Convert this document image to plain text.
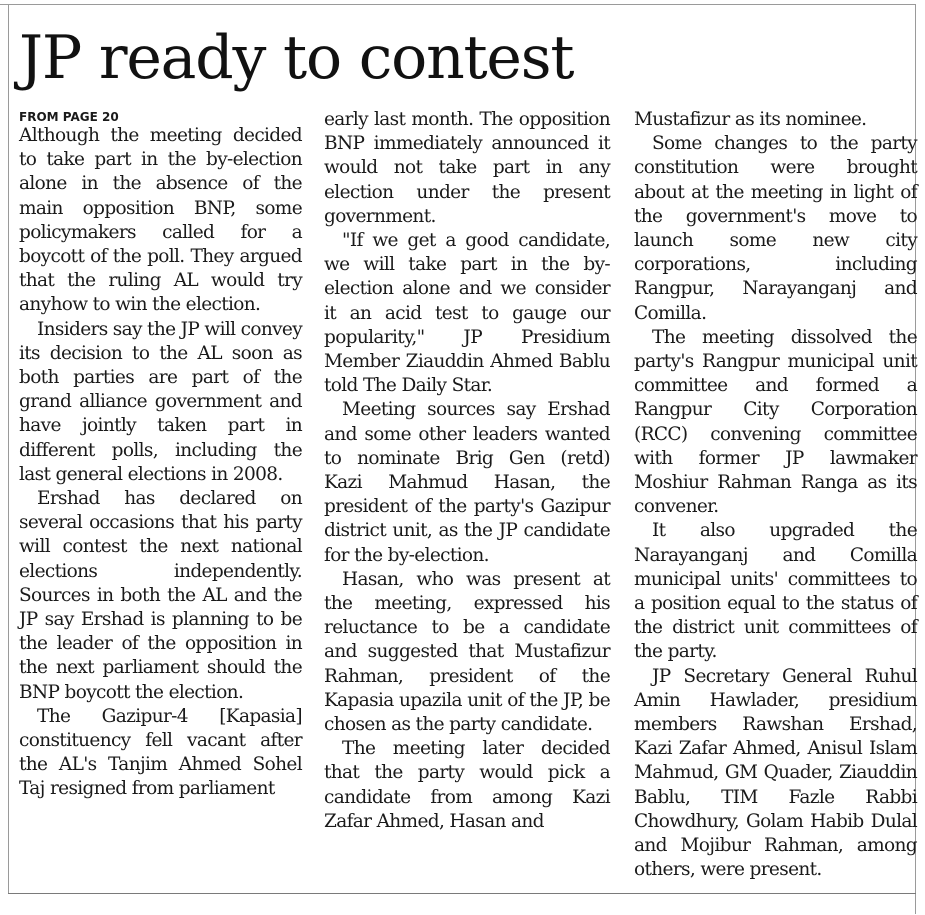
JP ready to contest
FROM PAGE 20

Although the meeting decided to take part in the by-election alone in the absence of the main opposition BNP, some policymakers called for a boycott of the poll. They argued that the ruling AL would try anyhow to win the election.

Insiders say the JP will convey its decision to the AL soon as both parties are part of the grand alliance government and have jointly taken part in different polls, including the last general elections in 2008.

Ershad has declared on several occasions that his party will contest the next national elections independently. Sources in both the AL and the JP say Ershad is planning to be the leader of the opposition in the next parliament should the BNP boycott the election.

The Gazipur-4 [Kapasia] constituency fell vacant after the AL's Tanjim Ahmed Sohel Taj resigned from parliament

early last month. The opposition BNP immediately announced it would not take part in any election under the present government.

"If we get a good candidate, we will take part in the by-election alone and we consider it an acid test to gauge our popularity," JP Presidium Member Ziauddin Ahmed Bablu told The Daily Star.

Meeting sources say Ershad and some other leaders wanted to nominate Brig Gen (retd) Kazi Mahmud Hasan, the president of the party's Gazipur district unit, as the JP candidate for the by-election.

Hasan, who was present at the meeting, expressed his reluctance to be a candidate and suggested that Mustafizur Rahman, president of the Kapasia upazila unit of the JP, be chosen as the party candidate.

The meeting later decided that the party would pick a candidate from among Kazi Zafar Ahmed, Hasan and

Mustafizur as its nominee.

Some changes to the party constitution were brought about at the meeting in light of the government's move to launch some new city corporations, including Rangpur, Narayanganj and Comilla.

The meeting dissolved the party's Rangpur municipal unit committee and formed a Rangpur City Corporation (RCC) convening committee with former JP lawmaker Moshiur Rahman Ranga as its convener.

It also upgraded the Narayanganj and Comilla municipal units' committees to a position equal to the status of the district unit committees of the party.

JP Secretary General Ruhul Amin Hawlader, presidium members Rawshan Ershad, Kazi Zafar Ahmed, Anisul Islam Mahmud, GM Quader, Ziauddin Bablu, TIM Fazle Rabbi Chowdhury, Golam Habib Dulal and Mojibur Rahman, among others, were present.
